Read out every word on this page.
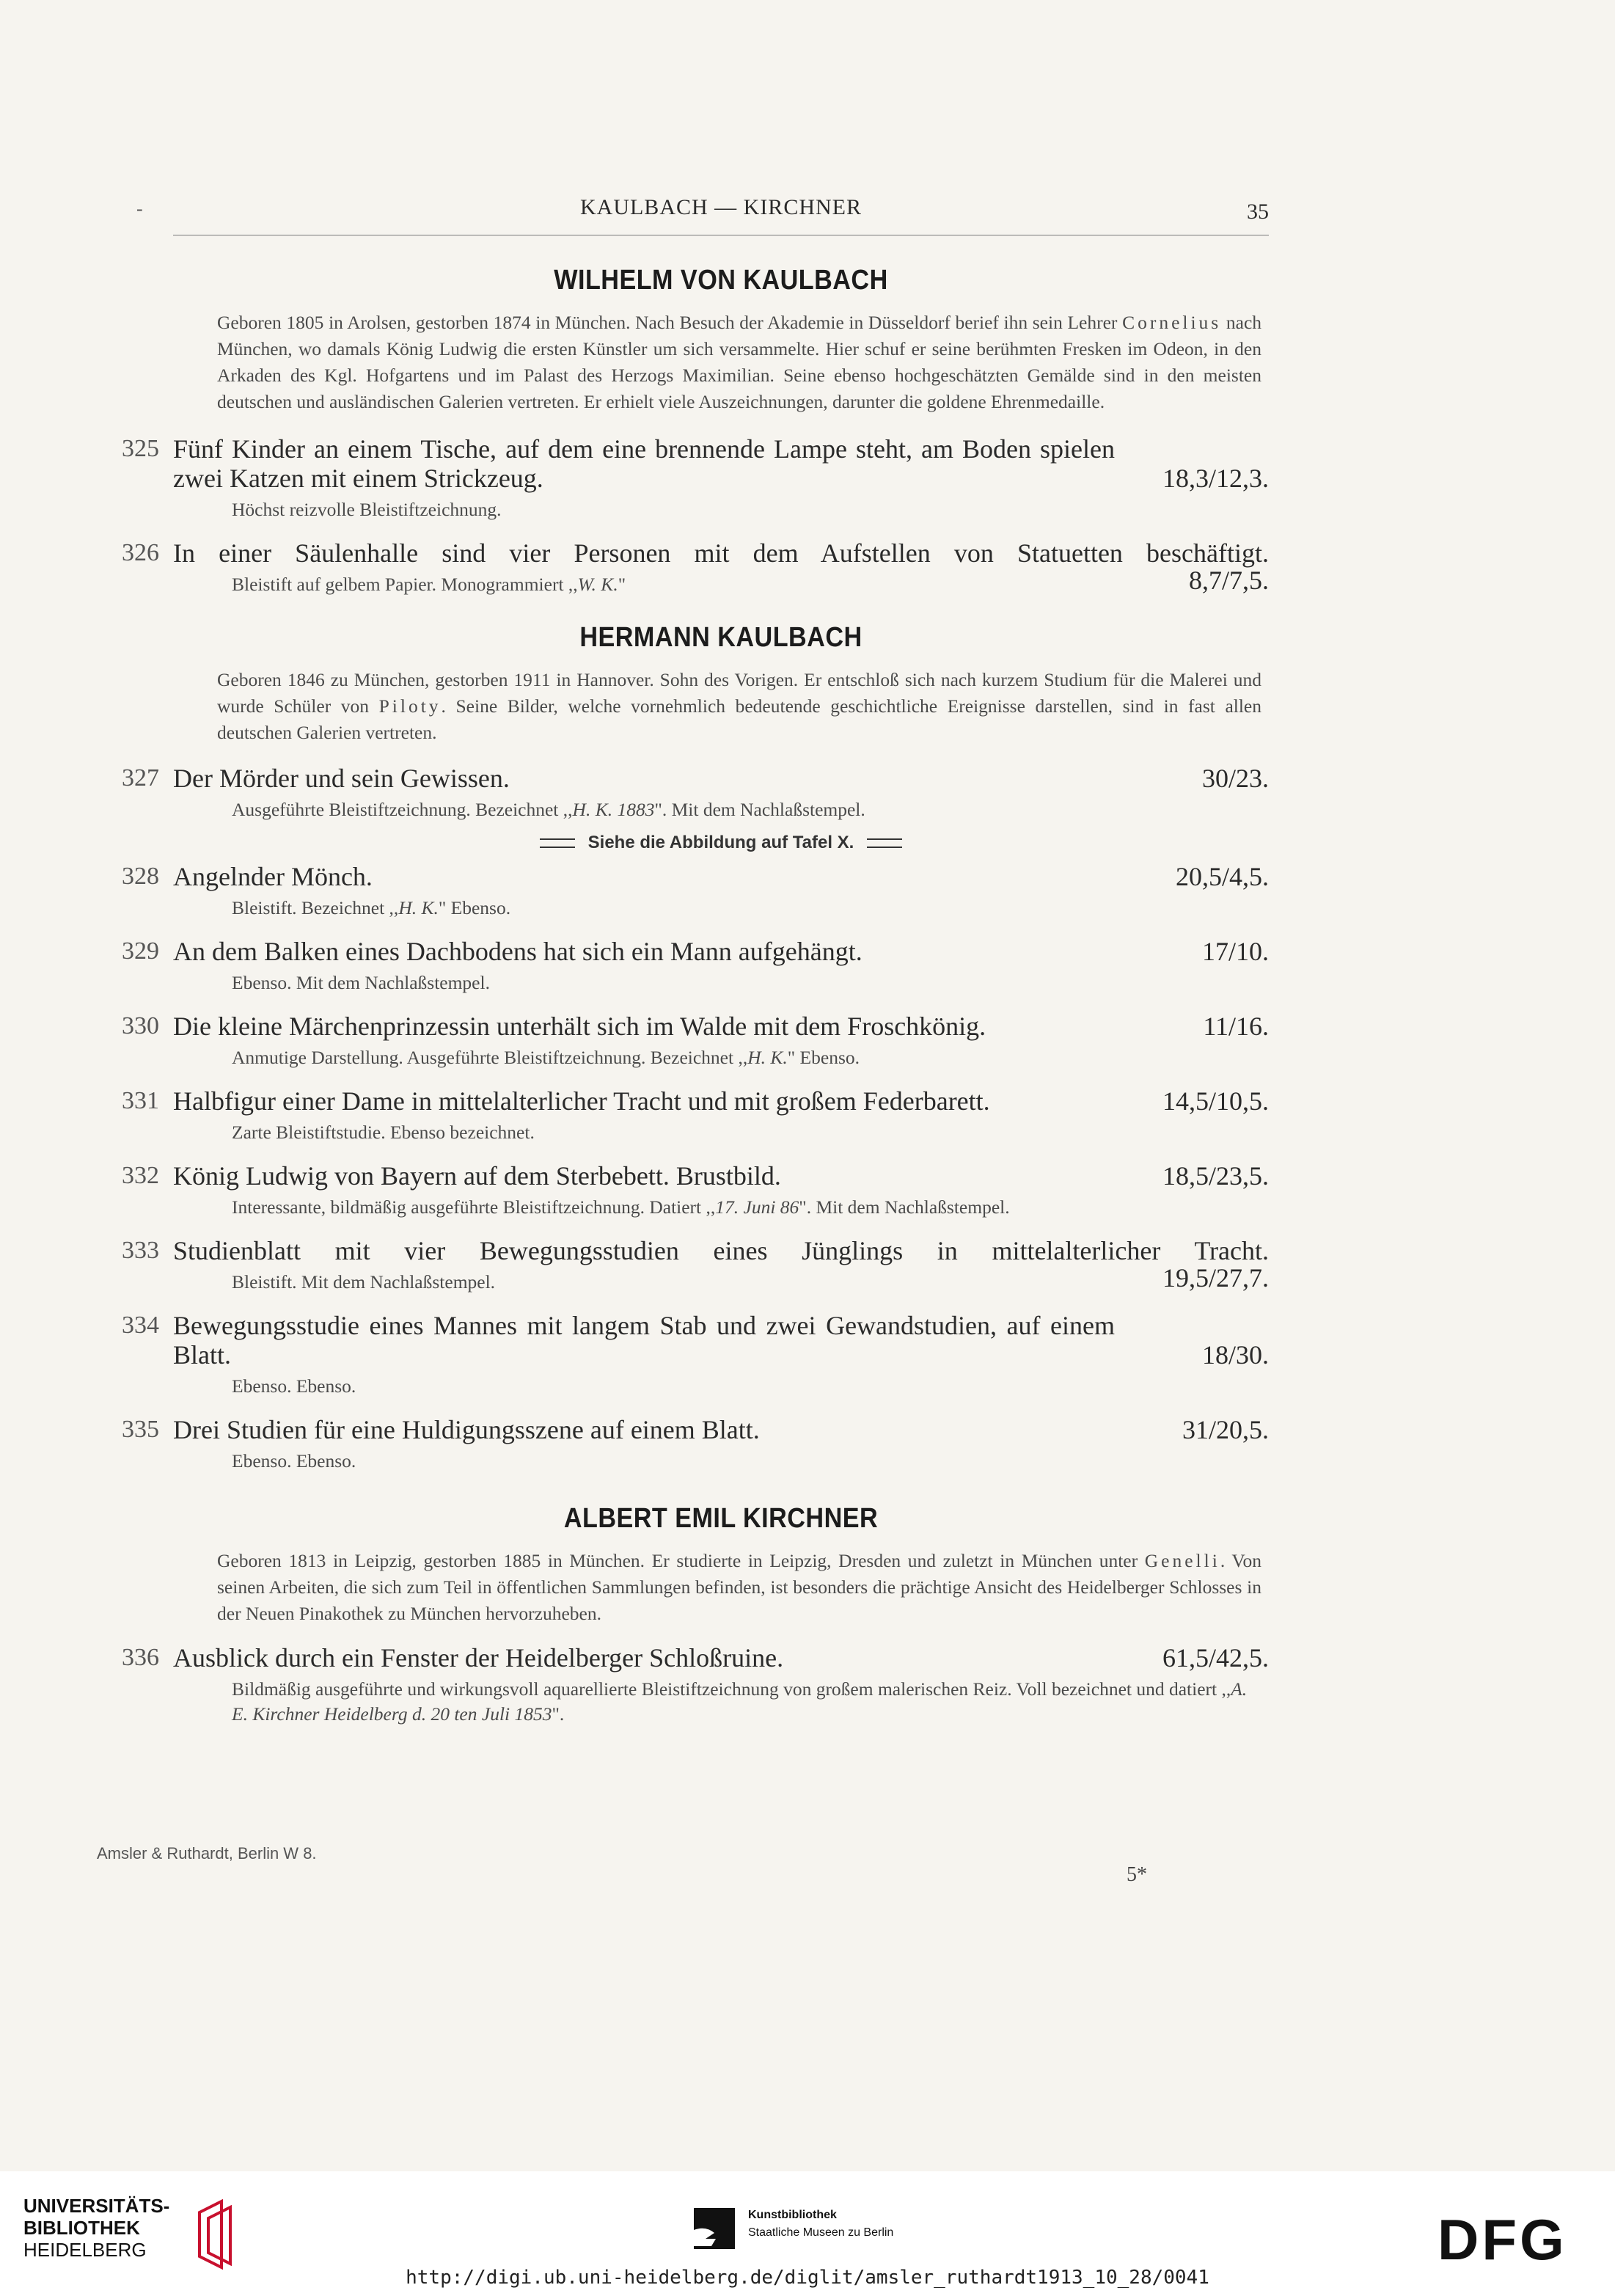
-	KAULBACH — KIRCHNER	35
WILHELM VON KAULBACH
Geboren 1805 in Arolsen, gestorben 1874 in München. Nach Besuch der Akademie in Düsseldorf berief ihn sein Lehrer Cornelius nach München, wo damals König Ludwig die ersten Künstler um sich versammelte. Hier schuf er seine berühmten Fresken im Odeon, in den Arkaden des Kgl. Hofgartens und im Palast des Herzogs Maximilian. Seine ebenso hochgeschätzten Gemälde sind in den meisten deutschen und ausländischen Galerien vertreten. Er erhielt viele Auszeichnungen, darunter die goldene Ehrenmedaille.
325 Fünf Kinder an einem Tische, auf dem eine brennende Lampe steht, am Boden spielen zwei Katzen mit einem Strickzeug.	18,3/12,3.
Höchst reizvolle Bleistiftzeichnung.
326 In einer Säulenhalle sind vier Personen mit dem Aufstellen von Statuetten beschäftigt.
Bleistift auf gelbem Papier. Monogrammiert ,,W. K."	8,7/7,5.
HERMANN KAULBACH
Geboren 1846 zu München, gestorben 1911 in Hannover. Sohn des Vorigen. Er entschloß sich nach kurzem Studium für die Malerei und wurde Schüler von Piloty. Seine Bilder, welche vornehmlich bedeutende geschichtliche Ereignisse darstellen, sind in fast allen deutschen Galerien vertreten.
327 Der Mörder und sein Gewissen.	30/23.
Ausgeführte Bleistiftzeichnung. Bezeichnet ,,H. K. 1883". Mit dem Nachlaßstempel.
Siehe die Abbildung auf Tafel X.
328 Angelnder Mönch.	20,5/4,5.
Bleistift. Bezeichnet ,,H. K." Ebenso.
329 An dem Balken eines Dachbodens hat sich ein Mann aufgehängt.	17/10.
Ebenso. Mit dem Nachlaßstempel.
330 Die kleine Märchenprinzessin unterhält sich im Walde mit dem Froschkönig.	11/16.
Anmutige Darstellung. Ausgeführte Bleistiftzeichnung. Bezeichnet ,,H. K." Ebenso.
331 Halbfigur einer Dame in mittelalterlicher Tracht und mit großem Federbarett.	14,5/10,5.
Zarte Bleistiftstudie. Ebenso bezeichnet.
332 König Ludwig von Bayern auf dem Sterbebett. Brustbild.	18,5/23,5.
Interessante, bildmäßig ausgeführte Bleistiftzeichnung. Datiert ,,17. Juni 86". Mit dem Nachlaßstempel.
333 Studienblatt mit vier Bewegungsstudien eines Jünglings in mittelalterlicher Tracht.
Bleistift. Mit dem Nachlaßstempel.	19,5/27,7.
334 Bewegungsstudie eines Mannes mit langem Stab und zwei Gewandstudien, auf einem Blatt.	18/30.
Ebenso. Ebenso.
335 Drei Studien für eine Huldigungsszene auf einem Blatt.	31/20,5.
Ebenso. Ebenso.
ALBERT EMIL KIRCHNER
Geboren 1813 in Leipzig, gestorben 1885 in München. Er studierte in Leipzig, Dresden und zuletzt in München unter Genelli. Von seinen Arbeiten, die sich zum Teil in öffentlichen Sammlungen befinden, ist besonders die prächtige Ansicht des Heidelberger Schlosses in der Neuen Pinakothek zu München hervorzuheben.
336 Ausblick durch ein Fenster der Heidelberger Schloßruine.	61,5/42,5.
Bildmäßig ausgeführte und wirkungsvoll aquarellierte Bleistiftzeichnung von großem malerischen Reiz. Voll bezeichnet und datiert ,,A. E. Kirchner Heidelberg d. 20 ten Juli 1853".
Amsler & Ruthardt, Berlin W 8.
5*
UNIVERSITÄTS-
BIBLIOTHEK
HEIDELBERG
Kunstbibliothek
Staatliche Museen zu Berlin	DFG
http://digi.ub.uni-heidelberg.de/diglit/amsler_ruthardt1913_10_28/0041
